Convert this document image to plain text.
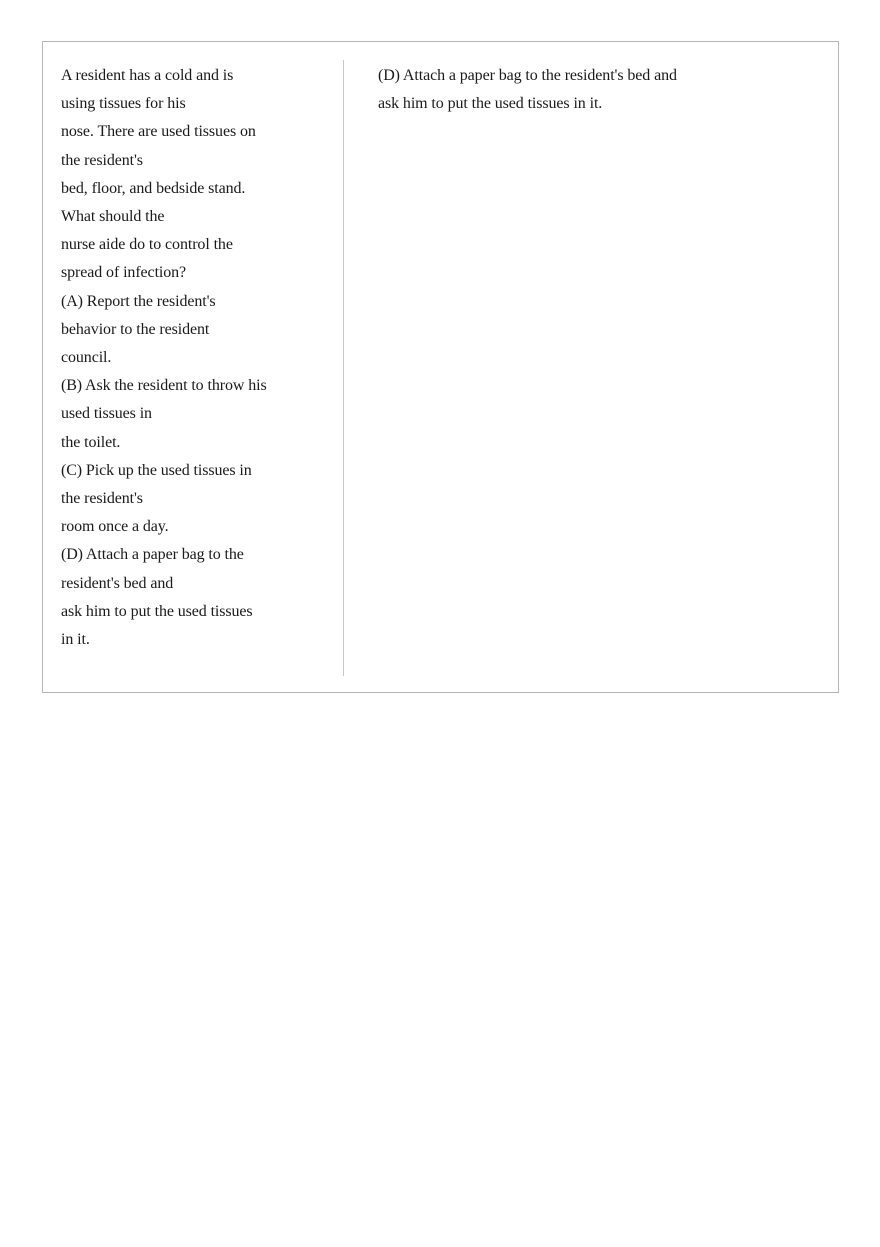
A resident has a cold and is
using tissues for his
nose. There are used tissues on
the resident's
bed, floor, and bedside stand.
What should the
nurse aide do to control the
spread of infection?
(A) Report the resident's
behavior to the resident
council.
(B) Ask the resident to throw his
used tissues in
the toilet.
(C) Pick up the used tissues in
the resident's
room once a day.
(D) Attach a paper bag to the
resident's bed and
ask him to put the used tissues
in it.
(D) Attach a paper bag to the resident's bed and
ask him to put the used tissues in it.
